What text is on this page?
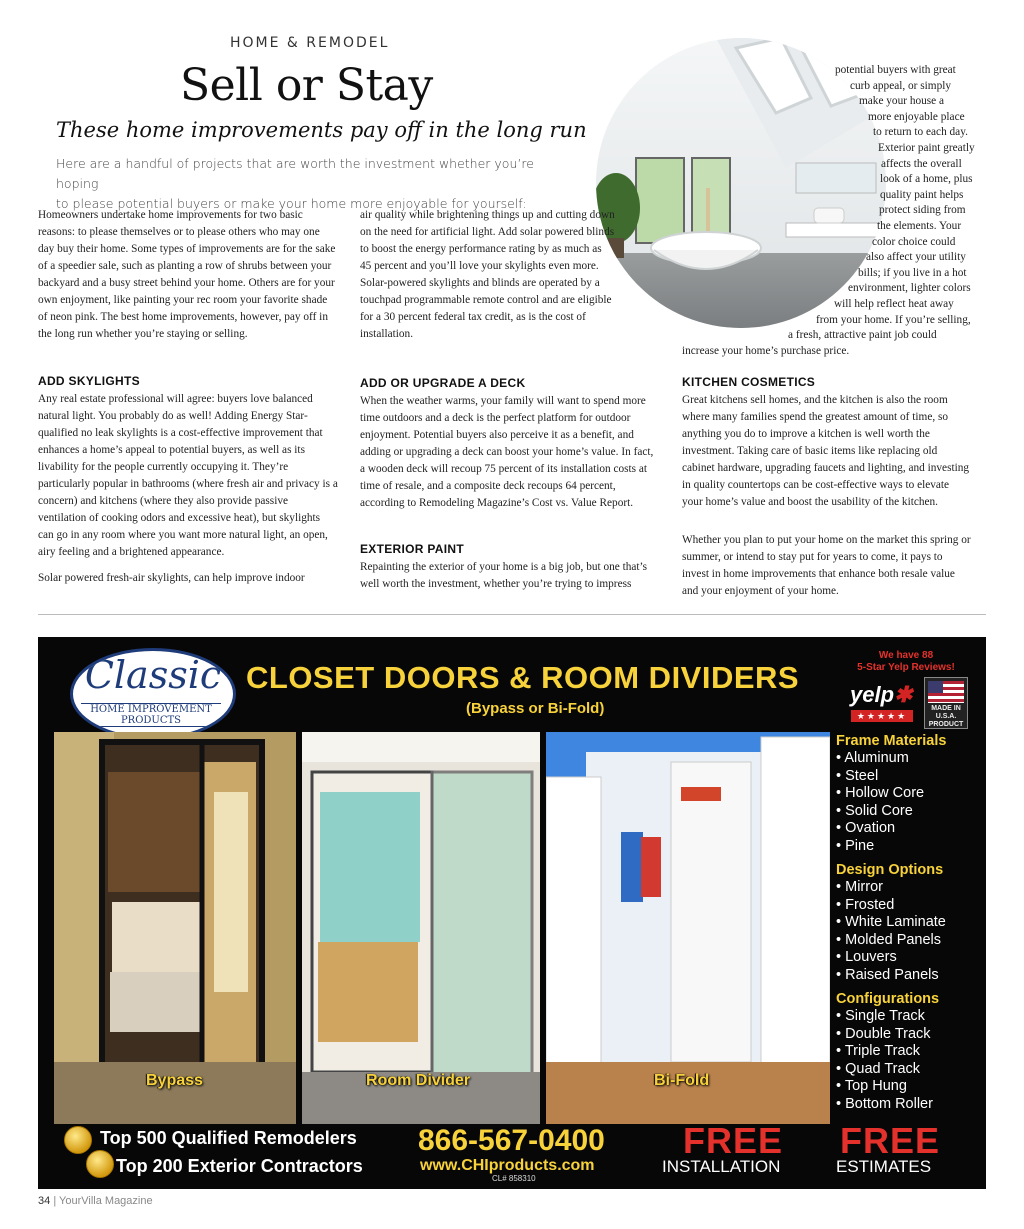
HOME & REMODEL
Sell or Stay
These home improvements pay off in the long run
Here are a handful of projects that are worth the investment whether you’re hoping
to please potential buyers or make your home more enjoyable for yourself:

Homeowners undertake home improvements for two basic reasons: to please themselves or to please others who may one day buy their home. Some types of improvements are for the sake of a speedier sale, such as planting a row of shrubs between your backyard and a busy street behind your home. Others are for your own enjoyment, like painting your rec room your favorite shade of neon pink. The best home improvements, however, pay off in the long run whether you’re staying or selling.

ADD SKYLIGHTS

Any real estate professional will agree: buyers love balanced natural light. You probably do as well! Adding Energy Star-qualified no leak skylights is a cost-effective improvement that enhances a home’s appeal to potential buyers, as well as its livability for the people currently occupying it. They’re particularly popular in bathrooms (where fresh air and privacy is a concern) and kitchens (where they also provide passive ventilation of cooking odors and excessive heat), but skylights can go in any room where you want more natural light, an open, airy feeling and a brightened appearance.

Solar powered fresh-air skylights, can help improve indoor

air quality while brightening things up and cutting down on the need for artificial light. Add solar powered blinds to boost the energy performance rating by as much as 45 percent and you’ll love your skylights even more. Solar-powered skylights and blinds are operated by a touchpad programmable remote control and are eligible for a 30 percent federal tax credit, as is the cost of installation.

ADD OR UPGRADE A DECK

When the weather warms, your family will want to spend more time outdoors and a deck is the perfect platform for outdoor enjoyment. Potential buyers also perceive it as a benefit, and adding or upgrading a deck can boost your home’s value. In fact, a wooden deck will recoup 75 percent of its installation costs at time of resale, and a composite deck recoups 64 percent, according to Remodeling Magazine’s Cost vs. Value Report.

EXTERIOR PAINT

Repainting the exterior of your home is a big job, but one that’s well worth the investment, whether you’re trying to impress

potential buyers with great
curb appeal, or simply
make your house a
more enjoyable place
to return to each day.
Exterior paint greatly
affects the overall
look of a home, plus
quality paint helps
protect siding from
the elements. Your
color choice could
also affect your utility
bills; if you live in a hot
environment, lighter colors
will help reflect heat away
from your home. If you’re selling,
a fresh, attractive paint job could
increase your home’s purchase price.
KITCHEN COSMETICS

Great kitchens sell homes, and the kitchen is also the room where many families spend the greatest amount of time, so anything you do to improve a kitchen is well worth the investment. Taking care of basic items like replacing old cabinet hardware, upgrading faucets and lighting, and investing in quality countertops can be cost-effective ways to elevate your home’s value and boost the usability of the kitchen.

Whether you plan to put your home on the market this spring or summer, or intend to stay put for years to come, it pays to invest in home improvements that enhance both resale value and your enjoyment of your home.

Classic
HOME IMPROVEMENT
PRODUCTS
CLOSET DOORS & ROOM DIVIDERS
(Bypass or Bi-Fold)
We have 88
5-Star Yelp Reviews!
yelp✱
★★★★★
MADE IN
U.S.A.
PRODUCT
Bypass	Room Divider	Bi-Fold
Frame Materials
• Aluminum
• Steel
• Hollow Core
• Solid Core
• Ovation
• Pine
Design Options
• Mirror
• Frosted
• White Laminate
• Molded Panels
• Louvers
• Raised Panels
Configurations
• Single Track
• Double Track
• Triple Track
• Quad Track
• Top Hung
• Bottom Roller
Top 500 Qualified Remodelers
Top 200 Exterior Contractors
866-567-0400
www.CHIproducts.com
CL# 858310
FREE
INSTALLATION
FREE
ESTIMATES
34 | YourVilla Magazine
